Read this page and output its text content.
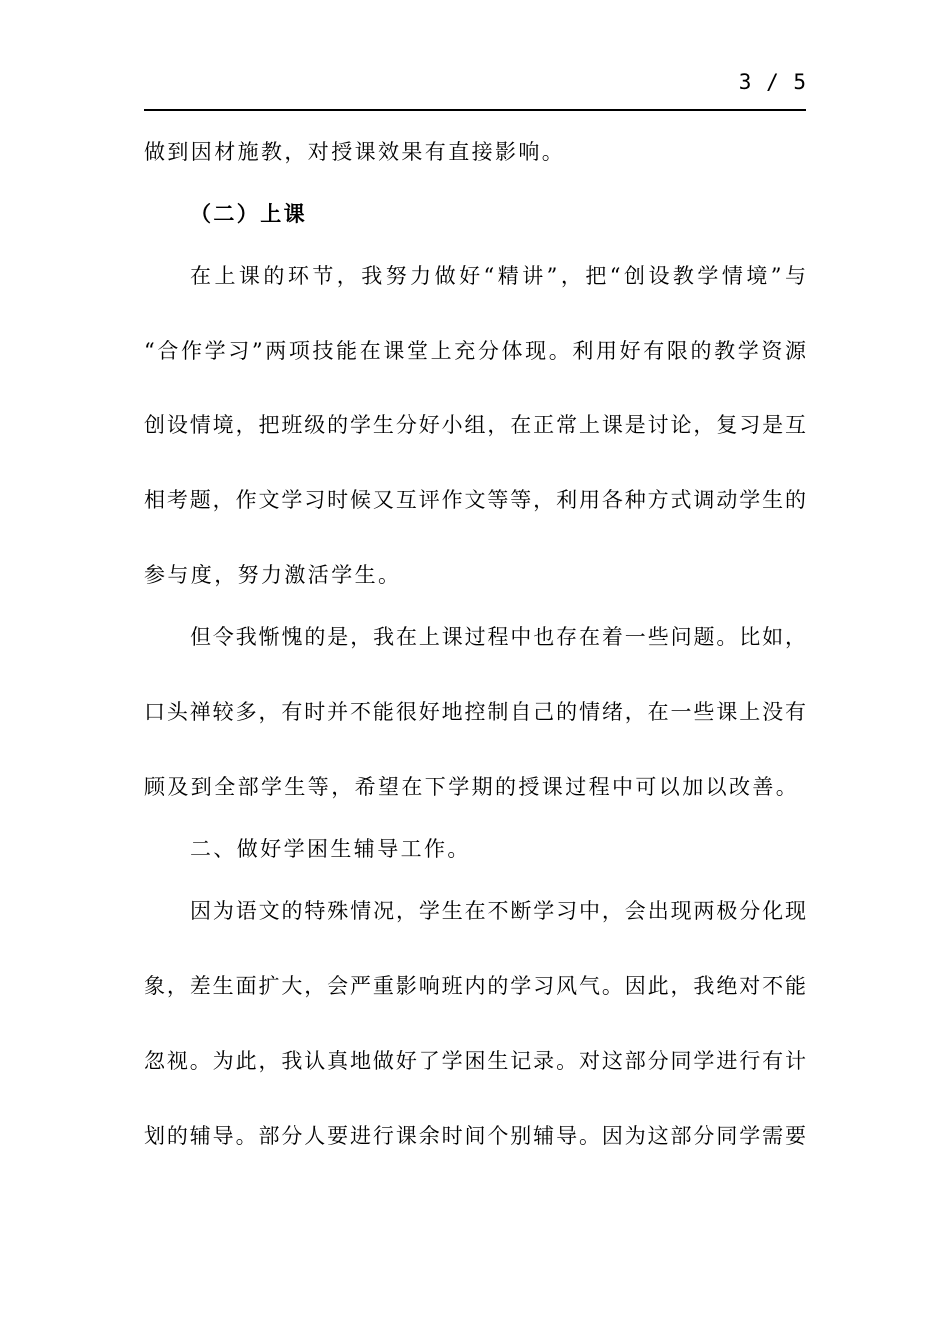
3 / 5
做到因材施教，对授课效果有直接影响。
（二）上课
在上课的环节，我努力做好“精讲”，把“创设教学情境”与
“合作学习”两项技能在课堂上充分体现。利用好有限的教学资源
创设情境，把班级的学生分好小组，在正常上课是讨论，复习是互
相考题，作文学习时候又互评作文等等，利用各种方式调动学生的
参与度，努力激活学生。
但令我惭愧的是，我在上课过程中也存在着一些问题。比如，
口头禅较多，有时并不能很好地控制自己的情绪，在一些课上没有
顾及到全部学生等，希望在下学期的授课过程中可以加以改善。
二、做好学困生辅导工作。
因为语文的特殊情况，学生在不断学习中，会出现两极分化现
象，差生面扩大，会严重影响班内的学习风气。因此，我绝对不能
忽视。为此，我认真地做好了学困生记录。对这部分同学进行有计
划的辅导。部分人要进行课余时间个别辅导。因为这部分同学需要
